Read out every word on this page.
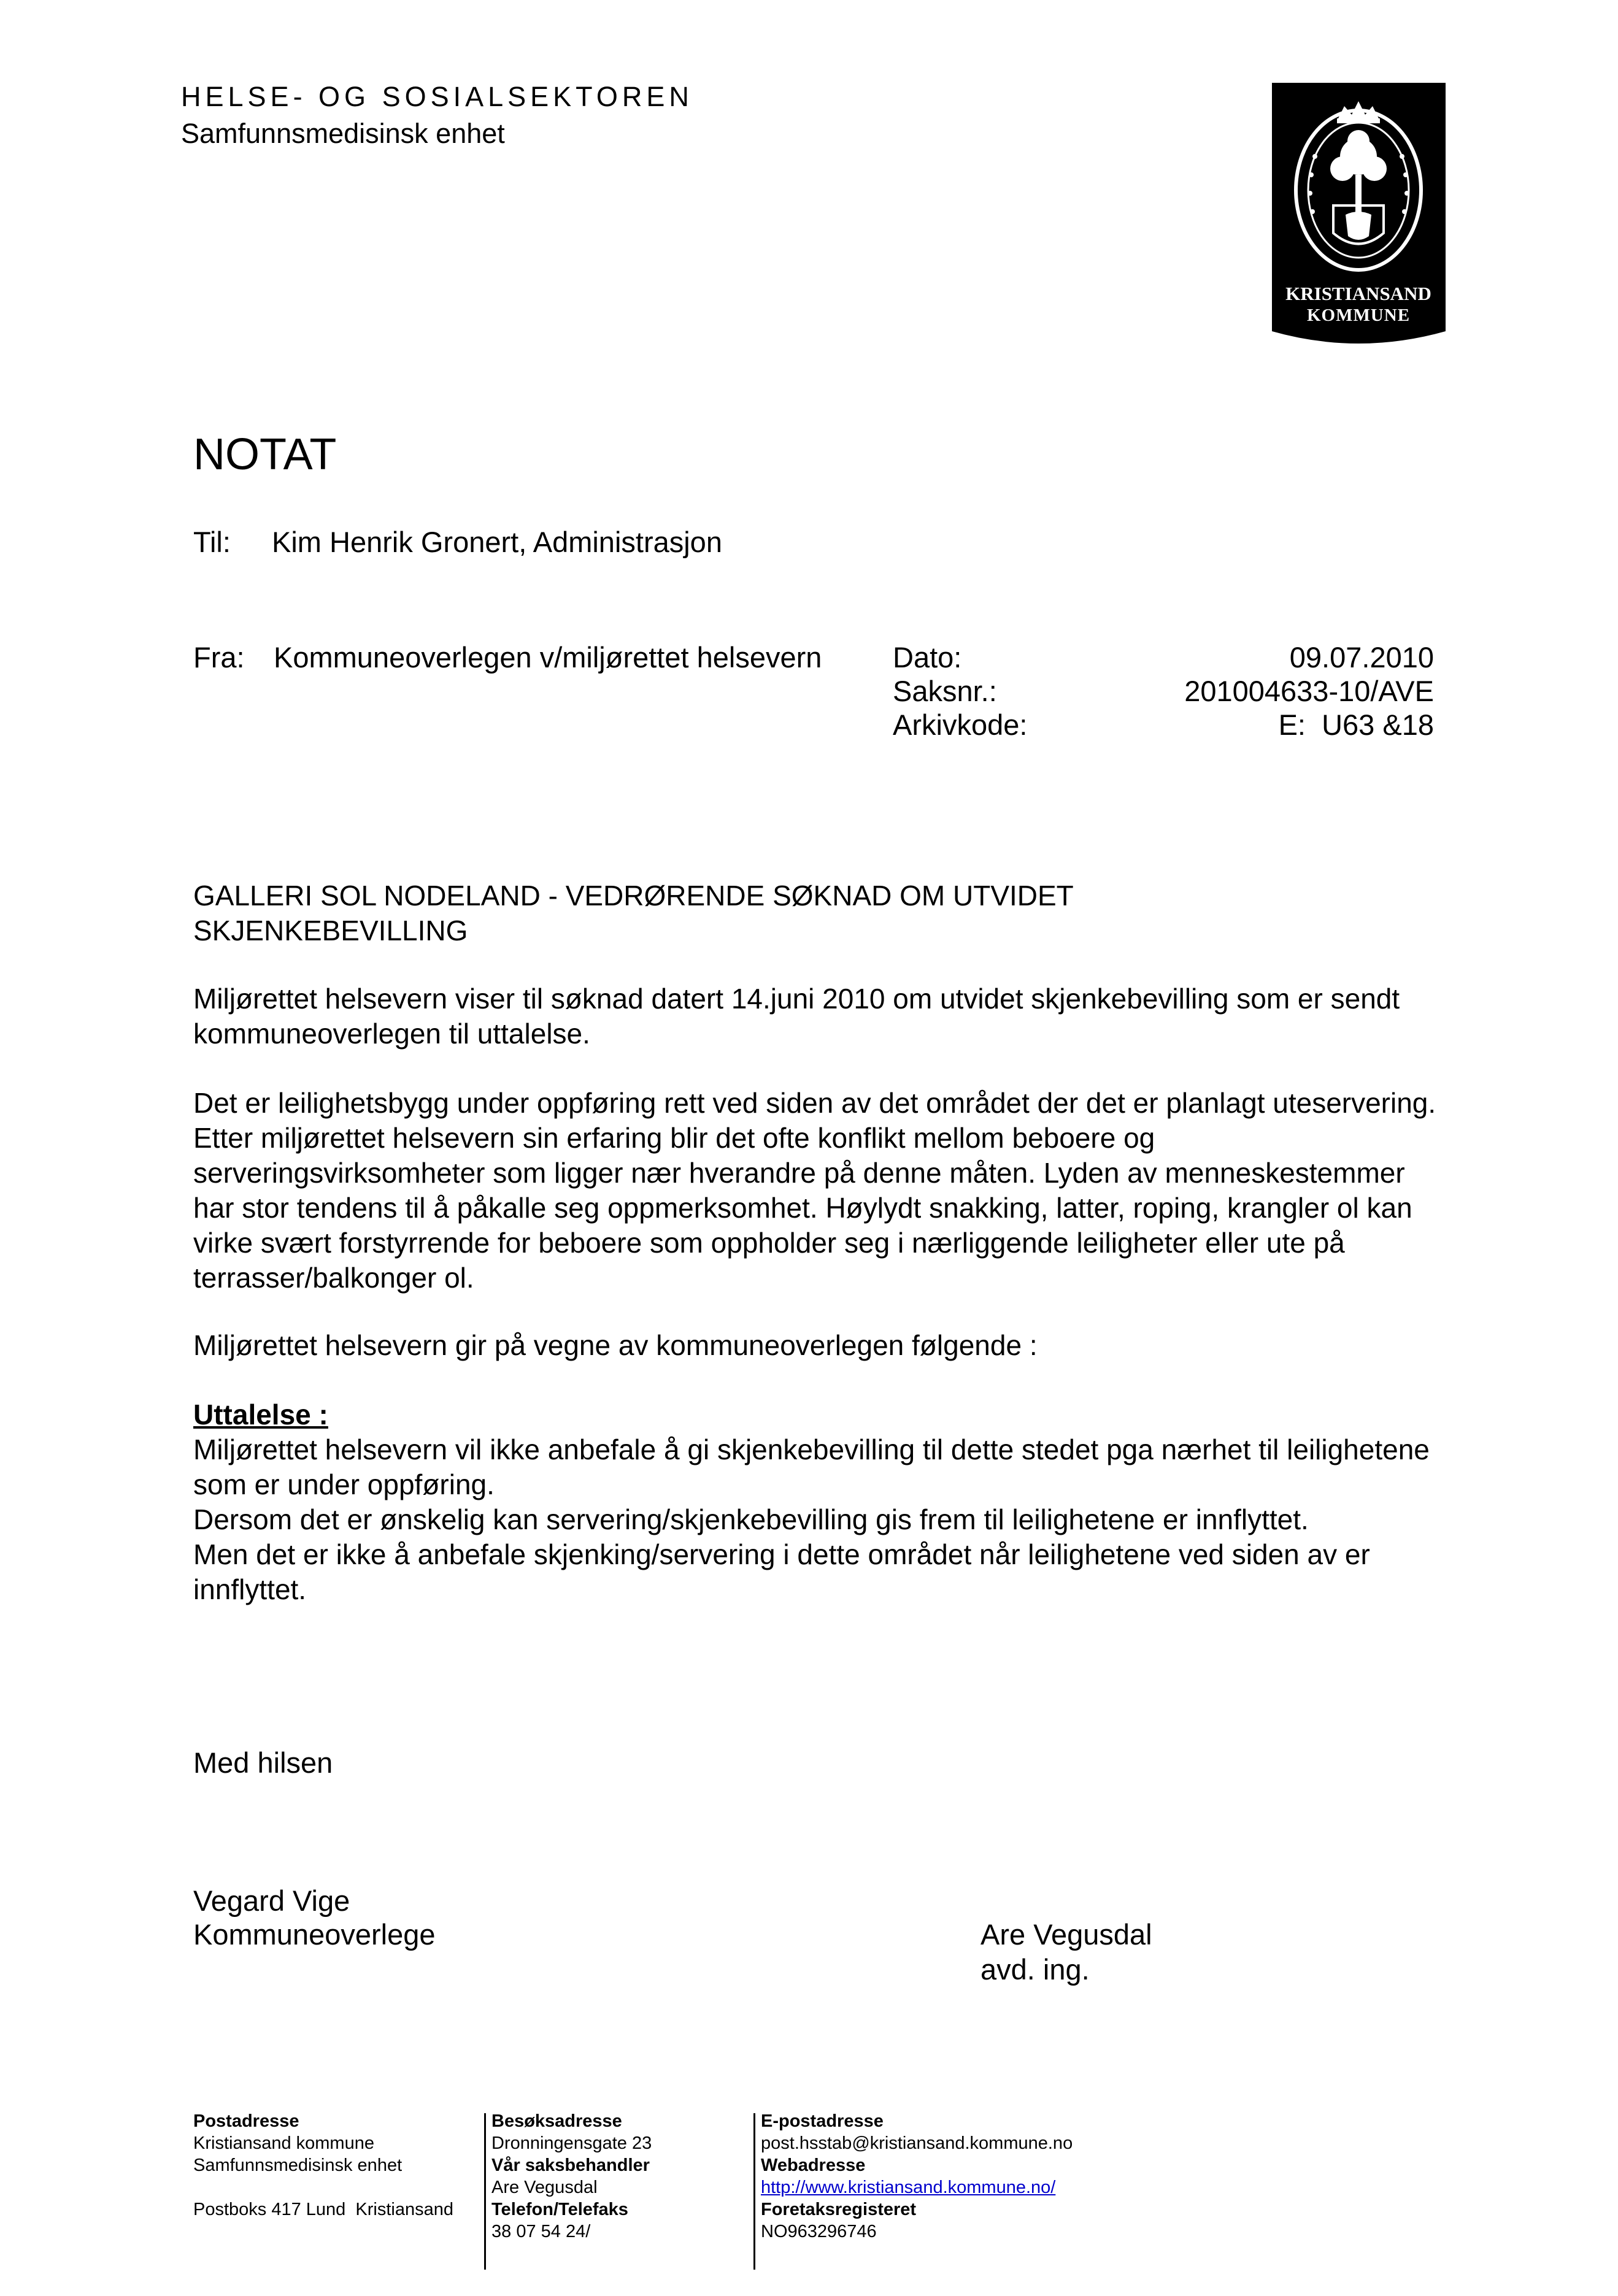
HELSE- OG SOSIALSEKTOREN
Samfunnsmedisinsk enhet
KRISTIANSAND
KOMMUNE
NOTAT
Til: Kim Henrik Gronert, Administrasjon
Fra: Kommuneoverlegen v/miljørettet helsevern Dato:	09.07.2010
Saksnr.:	201004633-10/AVE
Arkivkode:	E:  U63 &18
GALLERI SOL NODELAND - VEDRØRENDE SØKNAD OM UTVIDET
SKJENKEBEVILLING
Miljørettet helsevern viser til søknad datert 14.juni 2010 om utvidet skjenkebevilling som er sendt kommuneoverlegen til uttalelse.
Det er leilighetsbygg under oppføring rett ved siden av det området der det er planlagt uteservering. Etter miljørettet helsevern sin erfaring blir det ofte konflikt mellom beboere og serveringsvirksomheter som ligger nær hverandre på denne måten. Lyden av menneskestemmer har stor tendens til å påkalle seg oppmerksomhet. Høylydt snakking, latter, roping, krangler ol kan virke svært forstyrrende for beboere som oppholder seg i nærliggende leiligheter eller ute på terrasser/balkonger ol.
Miljørettet helsevern gir på vegne av kommuneoverlegen følgende :
Uttalelse :
Miljørettet helsevern vil ikke anbefale å gi skjenkebevilling til dette stedet pga nærhet til leilighetene som er under oppføring.
Dersom det er ønskelig kan servering/skjenkebevilling gis frem til leilighetene er innflyttet.
Men det er ikke å anbefale skjenking/servering i dette området når leilighetene ved siden av er innflyttet.
Med hilsen
Vegard Vige
Kommuneoverlege	Are Vegusdal
avd. ing.
Postadresse
Kristiansand kommune
Samfunnsmedisinsk enhet

Postboks 417 Lund  Kristiansand
Besøksadresse
Dronningensgate 23
Vår saksbehandler
Are Vegusdal
Telefon/Telefaks
38 07 54 24/
E-postadresse
post.hsstab@kristiansand.kommune.no
Webadresse
http://www.kristiansand.kommune.no/
Foretaksregisteret
NO963296746
